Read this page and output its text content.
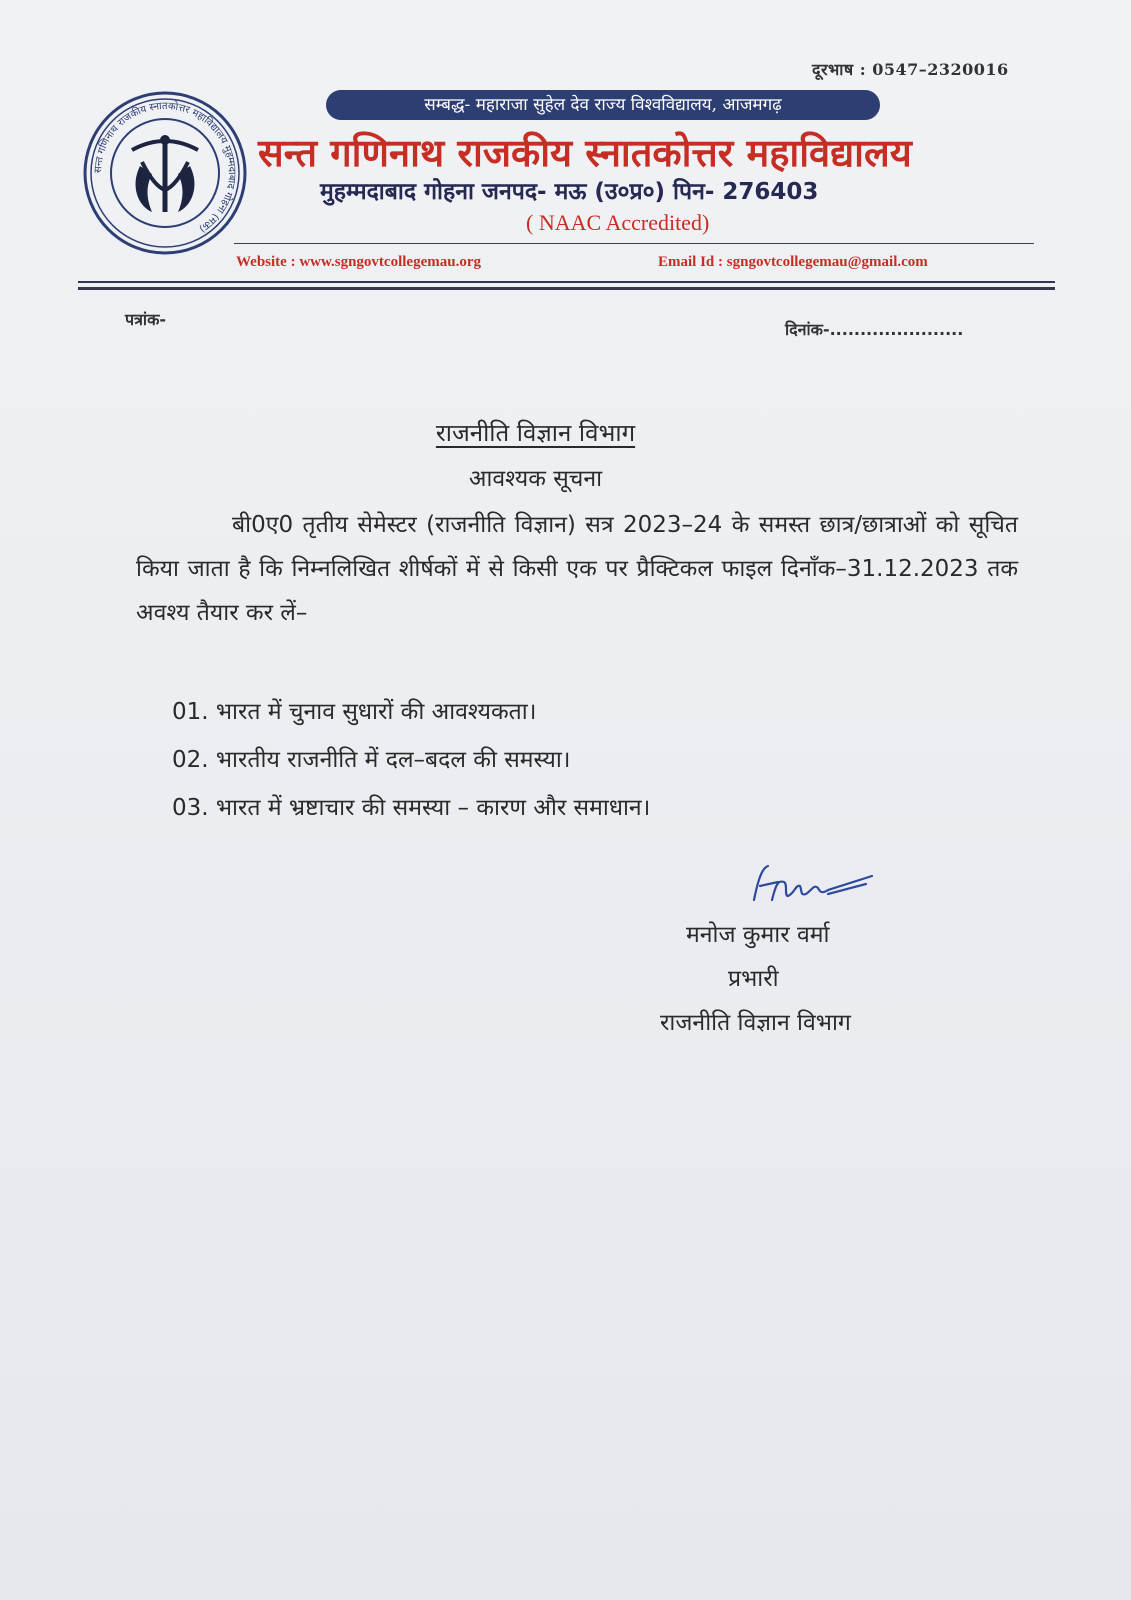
दूरभाष : 0547–2320016
सन्त गणिनाथ राजकीय स्नातकोत्तर महाविद्यालय मुहम्मदाबाद गोहना (मऊ)
सम्बद्ध- महाराजा सुहेल देव राज्य विश्वविद्यालय, आजमगढ़
सन्त गणिनाथ राजकीय स्नातकोत्तर महाविद्यालय
मुहम्मदाबाद गोहना जनपद- मऊ (उ०प्र०) पिन- 276403
( NAAC Accredited)
Website : www.sgngovtcollegemau.org	Email Id : sgngovtcollegemau@gmail.com
पत्रांक-
दिनांक-......................
राजनीति विज्ञान विभाग
आवश्यक सूचना
बी0ए0 तृतीय सेमेस्टर (राजनीति विज्ञान) सत्र 2023–24 के समस्त छात्र/छात्राओं को सूचित किया जाता है कि निम्नलिखित शीर्षकों में से किसी एक पर प्रैक्टिकल फाइल दिनाँक–31.12.2023 तक अवश्य तैयार कर लें–
01. भारत में चुनाव सुधारों की आवश्यकता।
02. भारतीय राजनीति में दल–बदल की समस्या।
03. भारत में भ्रष्टाचार की समस्या – कारण और समाधान।
मनोज कुमार वर्मा
प्रभारी
राजनीति विज्ञान विभाग
